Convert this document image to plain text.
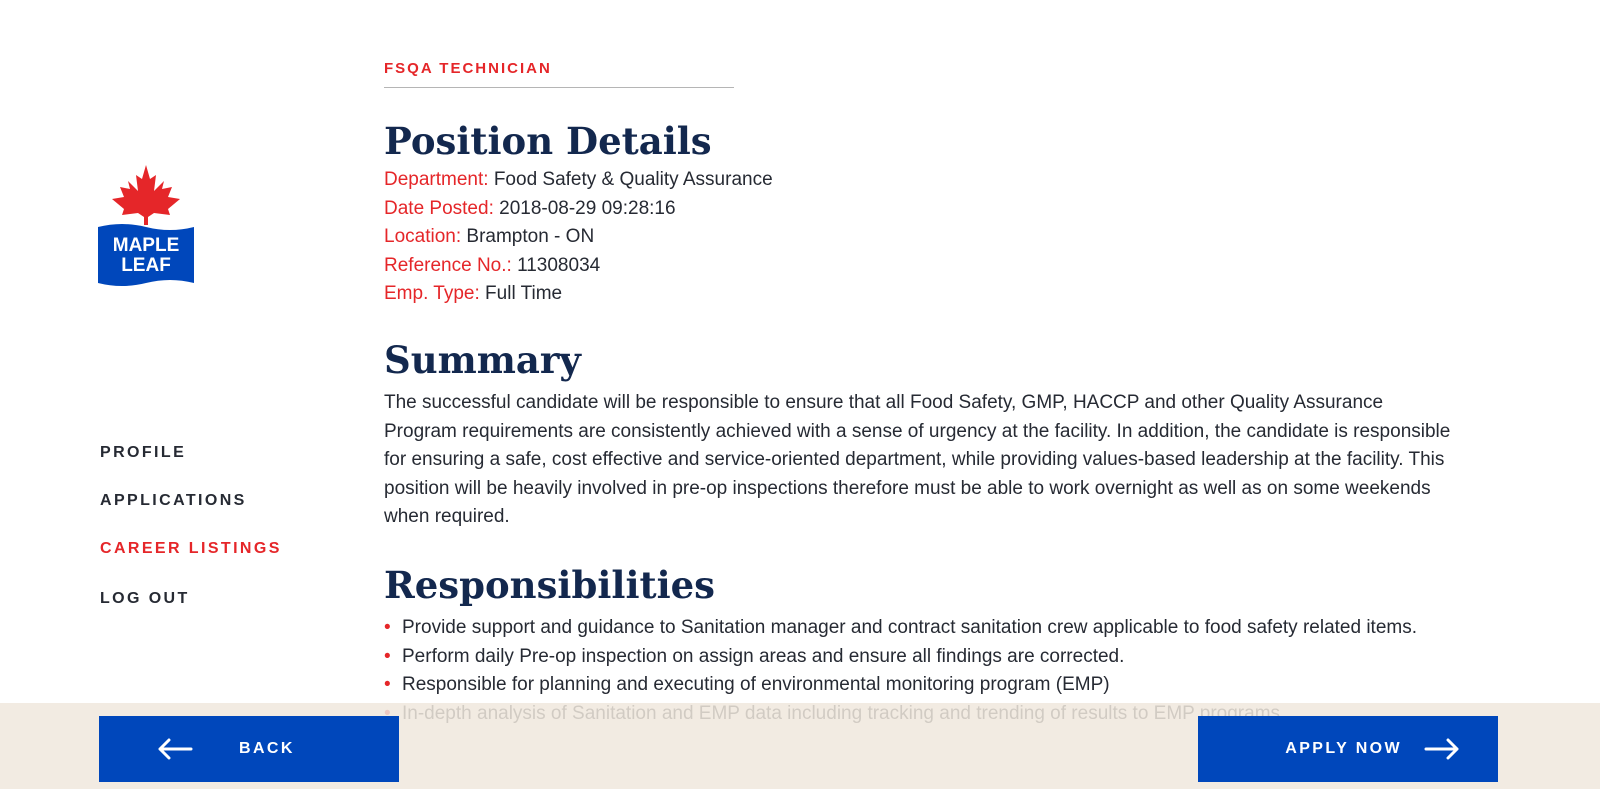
MAPLE
LEAF
PROFILE
APPLICATIONS
CAREER LISTINGS
LOG OUT
FSQA TECHNICIAN
Position Details
Department: Food Safety & Quality Assurance
Date Posted: 2018-08-29 09:28:16
Location: Brampton - ON
Reference No.: 11308034
Emp. Type: Full Time
Summary

The successful candidate will be responsible to ensure that all Food Safety, GMP, HACCP and other Quality Assurance Program requirements are consistently achieved with a sense of urgency at the facility. In addition, the candidate is responsible for ensuring a safe, cost effective and service-oriented department, while providing values-based leadership at the facility. This position will be heavily involved in pre-op inspections therefore must be able to work overnight as well as on some weekends when required.

Responsibilities
• Provide support and guidance to Sanitation manager and contract sanitation crew applicable to food safety related items.
• Perform daily Pre-op inspection on assign areas and ensure all findings are corrected.
• Responsible for planning and executing of environmental monitoring program (EMP)
BACK	APPLY NOW
